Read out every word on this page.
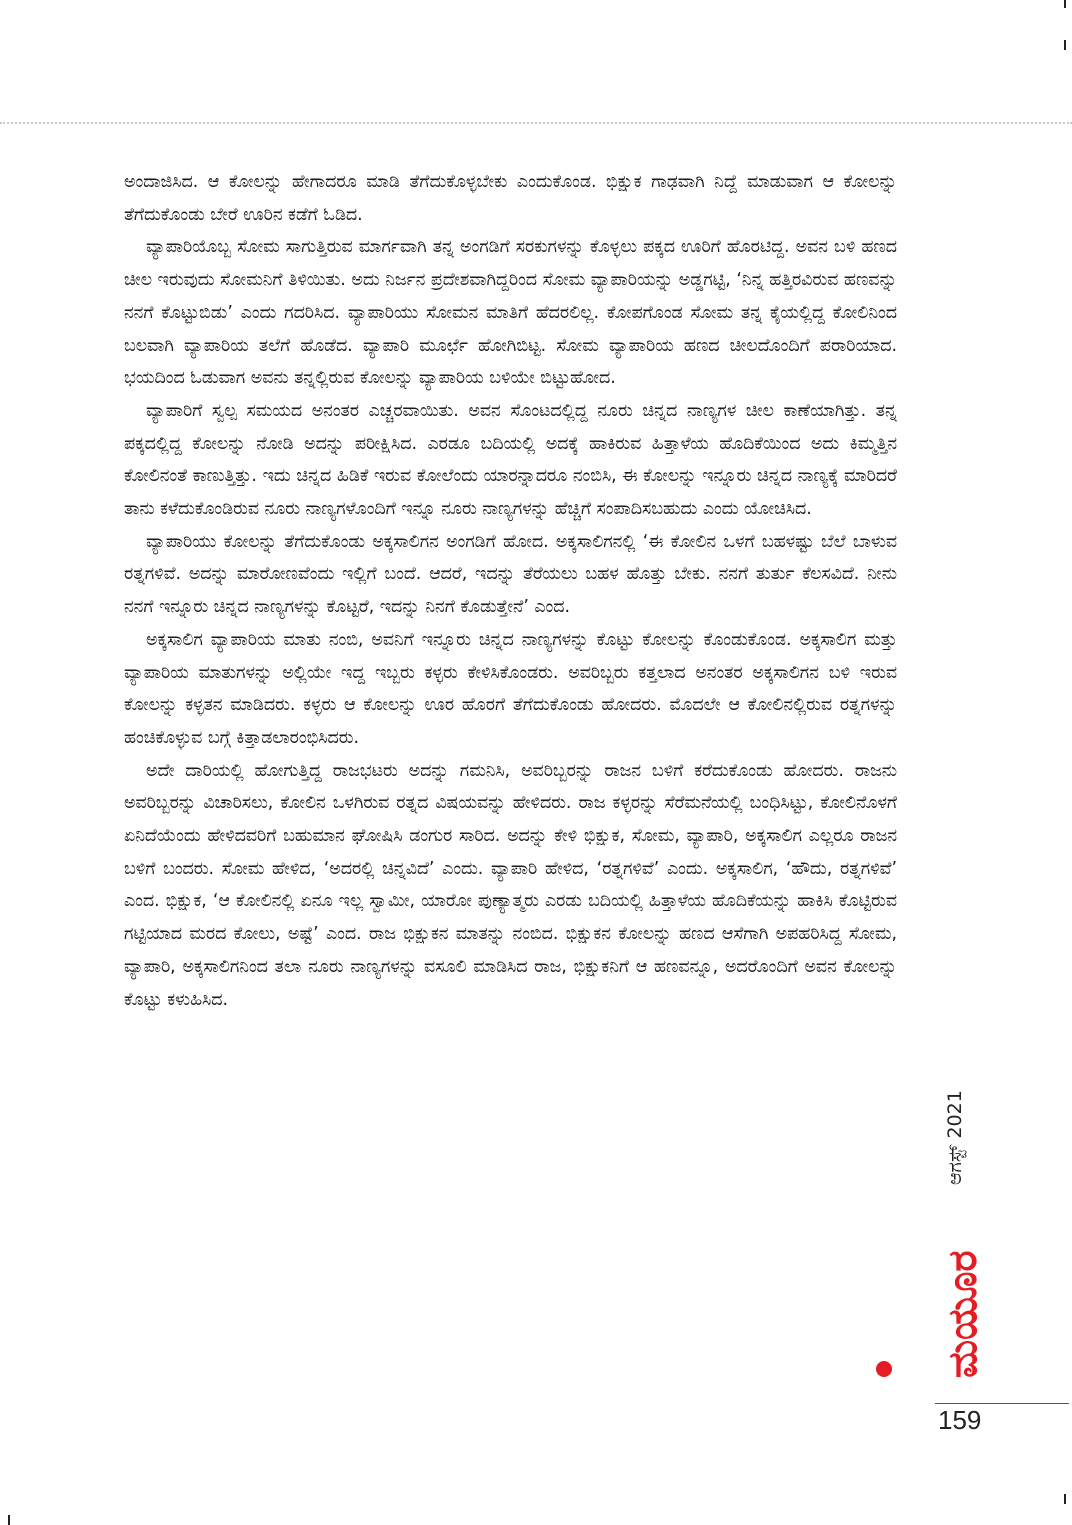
ಅಂದಾಜಿಸಿದ. ಆ ಕೋಲನ್ನು ಹೇಗಾದರೂ ಮಾಡಿ ತೆಗೆದುಕೊಳ್ಳಬೇಕು ಎಂದುಕೊಂಡ. ಭಿಕ್ಷುಕ ಗಾಢವಾಗಿ ನಿದ್ದೆ ಮಾಡುವಾಗ ಆ ಕೋಲನ್ನು ತೆಗೆದುಕೊಂಡು ಬೇರೆ ಊರಿನ ಕಡೆಗೆ ಓಡಿದ.

ವ್ಯಾಪಾರಿಯೊಬ್ಬ ಸೋಮ ಸಾಗುತ್ತಿರುವ ಮಾರ್ಗವಾಗಿ ತನ್ನ ಅಂಗಡಿಗೆ ಸರಕುಗಳನ್ನು ಕೊಳ್ಳಲು ಪಕ್ಕದ ಊರಿಗೆ ಹೊರಟಿದ್ದ. ಅವನ ಬಳಿ ಹಣದ ಚೀಲ ಇರುವುದು ಸೋಮನಿಗೆ ತಿಳಿಯಿತು. ಅದು ನಿರ್ಜನ ಪ್ರದೇಶವಾಗಿದ್ದರಿಂದ ಸೋಮ ವ್ಯಾಪಾರಿಯನ್ನು ಅಡ್ಡಗಟ್ಟಿ, ‘ನಿನ್ನ ಹತ್ತಿರವಿರುವ ಹಣವನ್ನು ನನಗೆ ಕೊಟ್ಟುಬಿಡು’ ಎಂದು ಗದರಿಸಿದ. ವ್ಯಾಪಾರಿಯು ಸೋಮನ ಮಾತಿಗೆ ಹೆದರಲಿಲ್ಲ. ಕೋಪಗೊಂಡ ಸೋಮ ತನ್ನ ಕೈಯಲ್ಲಿದ್ದ ಕೋಲಿನಿಂದ ಬಲವಾಗಿ ವ್ಯಾಪಾರಿಯ ತಲೆಗೆ ಹೊಡೆದ. ವ್ಯಾಪಾರಿ ಮೂರ್ಛೆ ಹೋಗಿಬಿಟ್ಟ. ಸೋಮ ವ್ಯಾಪಾರಿಯ ಹಣದ ಚೀಲದೊಂದಿಗೆ ಪರಾರಿಯಾದ. ಭಯದಿಂದ ಓಡುವಾಗ ಅವನು ತನ್ನಲ್ಲಿರುವ ಕೋಲನ್ನು ವ್ಯಾಪಾರಿಯ ಬಳಿಯೇ ಬಿಟ್ಟುಹೋದ.

ವ್ಯಾಪಾರಿಗೆ ಸ್ವಲ್ಪ ಸಮಯದ ಅನಂತರ ಎಚ್ಚರವಾಯಿತು. ಅವನ ಸೊಂಟದಲ್ಲಿದ್ದ ನೂರು ಚಿನ್ನದ ನಾಣ್ಯಗಳ ಚೀಲ ಕಾಣೆಯಾಗಿತ್ತು. ತನ್ನ ಪಕ್ಕದಲ್ಲಿದ್ದ ಕೋಲನ್ನು ನೋಡಿ ಅದನ್ನು ಪರೀಕ್ಷಿಸಿದ. ಎರಡೂ ಬದಿಯಲ್ಲಿ ಅದಕ್ಕೆ ಹಾಕಿರುವ ಹಿತ್ತಾಳೆಯ ಹೊದಿಕೆಯಿಂದ ಅದು ಕಿಮ್ಮತ್ತಿನ ಕೋಲಿನಂತೆ ಕಾಣುತ್ತಿತ್ತು. ಇದು ಚಿನ್ನದ ಹಿಡಿಕೆ ಇರುವ ಕೋಲೆಂದು ಯಾರನ್ನಾದರೂ ನಂಬಿಸಿ, ಈ ಕೋಲನ್ನು ಇನ್ನೂರು ಚಿನ್ನದ ನಾಣ್ಯಕ್ಕೆ ಮಾರಿದರೆ ತಾನು ಕಳೆದುಕೊಂಡಿರುವ ನೂರು ನಾಣ್ಯಗಳೊಂದಿಗೆ ಇನ್ನೂ ನೂರು ನಾಣ್ಯಗಳನ್ನು ಹೆಚ್ಚಿಗೆ ಸಂಪಾದಿಸಬಹುದು ಎಂದು ಯೋಚಿಸಿದ.

ವ್ಯಾಪಾರಿಯು ಕೋಲನ್ನು ತೆಗೆದುಕೊಂಡು ಅಕ್ಕಸಾಲಿಗನ ಅಂಗಡಿಗೆ ಹೋದ. ಅಕ್ಕಸಾಲಿಗನಲ್ಲಿ ‘ಈ ಕೋಲಿನ ಒಳಗೆ ಬಹಳಷ್ಟು ಬೆಲೆ ಬಾಳುವ ರತ್ನಗಳಿವೆ. ಅದನ್ನು ಮಾರೋಣವೆಂದು ಇಲ್ಲಿಗೆ ಬಂದೆ. ಆದರೆ, ಇದನ್ನು ತೆರೆಯಲು ಬಹಳ ಹೊತ್ತು ಬೇಕು. ನನಗೆ ತುರ್ತು ಕೆಲಸವಿದೆ. ನೀನು ನನಗೆ ಇನ್ನೂರು ಚಿನ್ನದ ನಾಣ್ಯಗಳನ್ನು ಕೊಟ್ಟರೆ, ಇದನ್ನು ನಿನಗೆ ಕೊಡುತ್ತೇನೆ’ ಎಂದ.

ಅಕ್ಕಸಾಲಿಗ ವ್ಯಾಪಾರಿಯ ಮಾತು ನಂಬಿ, ಅವನಿಗೆ ಇನ್ನೂರು ಚಿನ್ನದ ನಾಣ್ಯಗಳನ್ನು ಕೊಟ್ಟು ಕೋಲನ್ನು ಕೊಂಡುಕೊಂಡ. ಅಕ್ಕಸಾಲಿಗ ಮತ್ತು ವ್ಯಾಪಾರಿಯ ಮಾತುಗಳನ್ನು ಅಲ್ಲಿಯೇ ಇದ್ದ ಇಬ್ಬರು ಕಳ್ಳರು ಕೇಳಿಸಿಕೊಂಡರು. ಅವರಿಬ್ಬರು ಕತ್ತಲಾದ ಅನಂತರ ಅಕ್ಕಸಾಲಿಗನ ಬಳಿ ಇರುವ ಕೋಲನ್ನು ಕಳ್ಳತನ ಮಾಡಿದರು. ಕಳ್ಳರು ಆ ಕೋಲನ್ನು ಊರ ಹೊರಗೆ ತೆಗೆದುಕೊಂಡು ಹೋದರು. ಮೊದಲೇ ಆ ಕೋಲಿನಲ್ಲಿರುವ ರತ್ನಗಳನ್ನು ಹಂಚಿಕೊಳ್ಳುವ ಬಗ್ಗೆ ಕಿತ್ತಾಡಲಾರಂಭಿಸಿದರು.

ಅದೇ ದಾರಿಯಲ್ಲಿ ಹೋಗುತ್ತಿದ್ದ ರಾಜಭಟರು ಅದನ್ನು ಗಮನಿಸಿ, ಅವರಿಬ್ಬರನ್ನು ರಾಜನ ಬಳಿಗೆ ಕರೆದುಕೊಂಡು ಹೋದರು. ರಾಜನು ಅವರಿಬ್ಬರನ್ನು ವಿಚಾರಿಸಲು, ಕೋಲಿನ ಒಳಗಿರುವ ರತ್ನದ ವಿಷಯವನ್ನು ಹೇಳಿದರು. ರಾಜ ಕಳ್ಳರನ್ನು ಸೆರೆಮನೆಯಲ್ಲಿ ಬಂಧಿಸಿಟ್ಟು, ಕೋಲಿನೊಳಗೆ ಏನಿದೆಯೆಂದು ಹೇಳಿದವರಿಗೆ ಬಹುಮಾನ ಘೋಷಿಸಿ ಡಂಗುರ ಸಾರಿದ. ಅದನ್ನು ಕೇಳಿ ಭಿಕ್ಷುಕ, ಸೋಮ, ವ್ಯಾಪಾರಿ, ಅಕ್ಕಸಾಲಿಗ ಎಲ್ಲರೂ ರಾಜನ ಬಳಿಗೆ ಬಂದರು. ಸೋಮ ಹೇಳಿದ, ‘ಅದರಲ್ಲಿ ಚಿನ್ನವಿದೆ’ ಎಂದು. ವ್ಯಾಪಾರಿ ಹೇಳಿದ, ‘ರತ್ನಗಳಿವೆ’ ಎಂದು. ಅಕ್ಕಸಾಲಿಗ, ‘ಹೌದು, ರತ್ನಗಳಿವೆ’ ಎಂದ. ಭಿಕ್ಷುಕ, ‘ಆ ಕೋಲಿನಲ್ಲಿ ಏನೂ ಇಲ್ಲ ಸ್ವಾಮೀ, ಯಾರೋ ಪುಣ್ಯಾತ್ಮರು ಎರಡು ಬದಿಯಲ್ಲಿ ಹಿತ್ತಾಳೆಯ ಹೊದಿಕೆಯನ್ನು ಹಾಕಿಸಿ ಕೊಟ್ಟಿರುವ ಗಟ್ಟಿಯಾದ ಮರದ ಕೋಲು, ಅಷ್ಟೆ’ ಎಂದ. ರಾಜ ಭಿಕ್ಷುಕನ ಮಾತನ್ನು ನಂಬಿದ. ಭಿಕ್ಷುಕನ ಕೋಲನ್ನು ಹಣದ ಆಸೆಗಾಗಿ ಅಪಹರಿಸಿದ್ದ ಸೋಮ, ವ್ಯಾಪಾರಿ, ಅಕ್ಕಸಾಲಿಗನಿಂದ ತಲಾ ನೂರು ನಾಣ್ಯಗಳನ್ನು ವಸೂಲಿ ಮಾಡಿಸಿದ ರಾಜ, ಭಿಕ್ಷುಕನಿಗೆ ಆ ಹಣವನ್ನೂ, ಅದರೊಂದಿಗೆ ಅವನ ಕೋಲನ್ನು ಕೊಟ್ಟು ಕಳುಹಿಸಿದ.

ಆಗಸ್ಟ್ 2021
ಮಯೂರ
159
